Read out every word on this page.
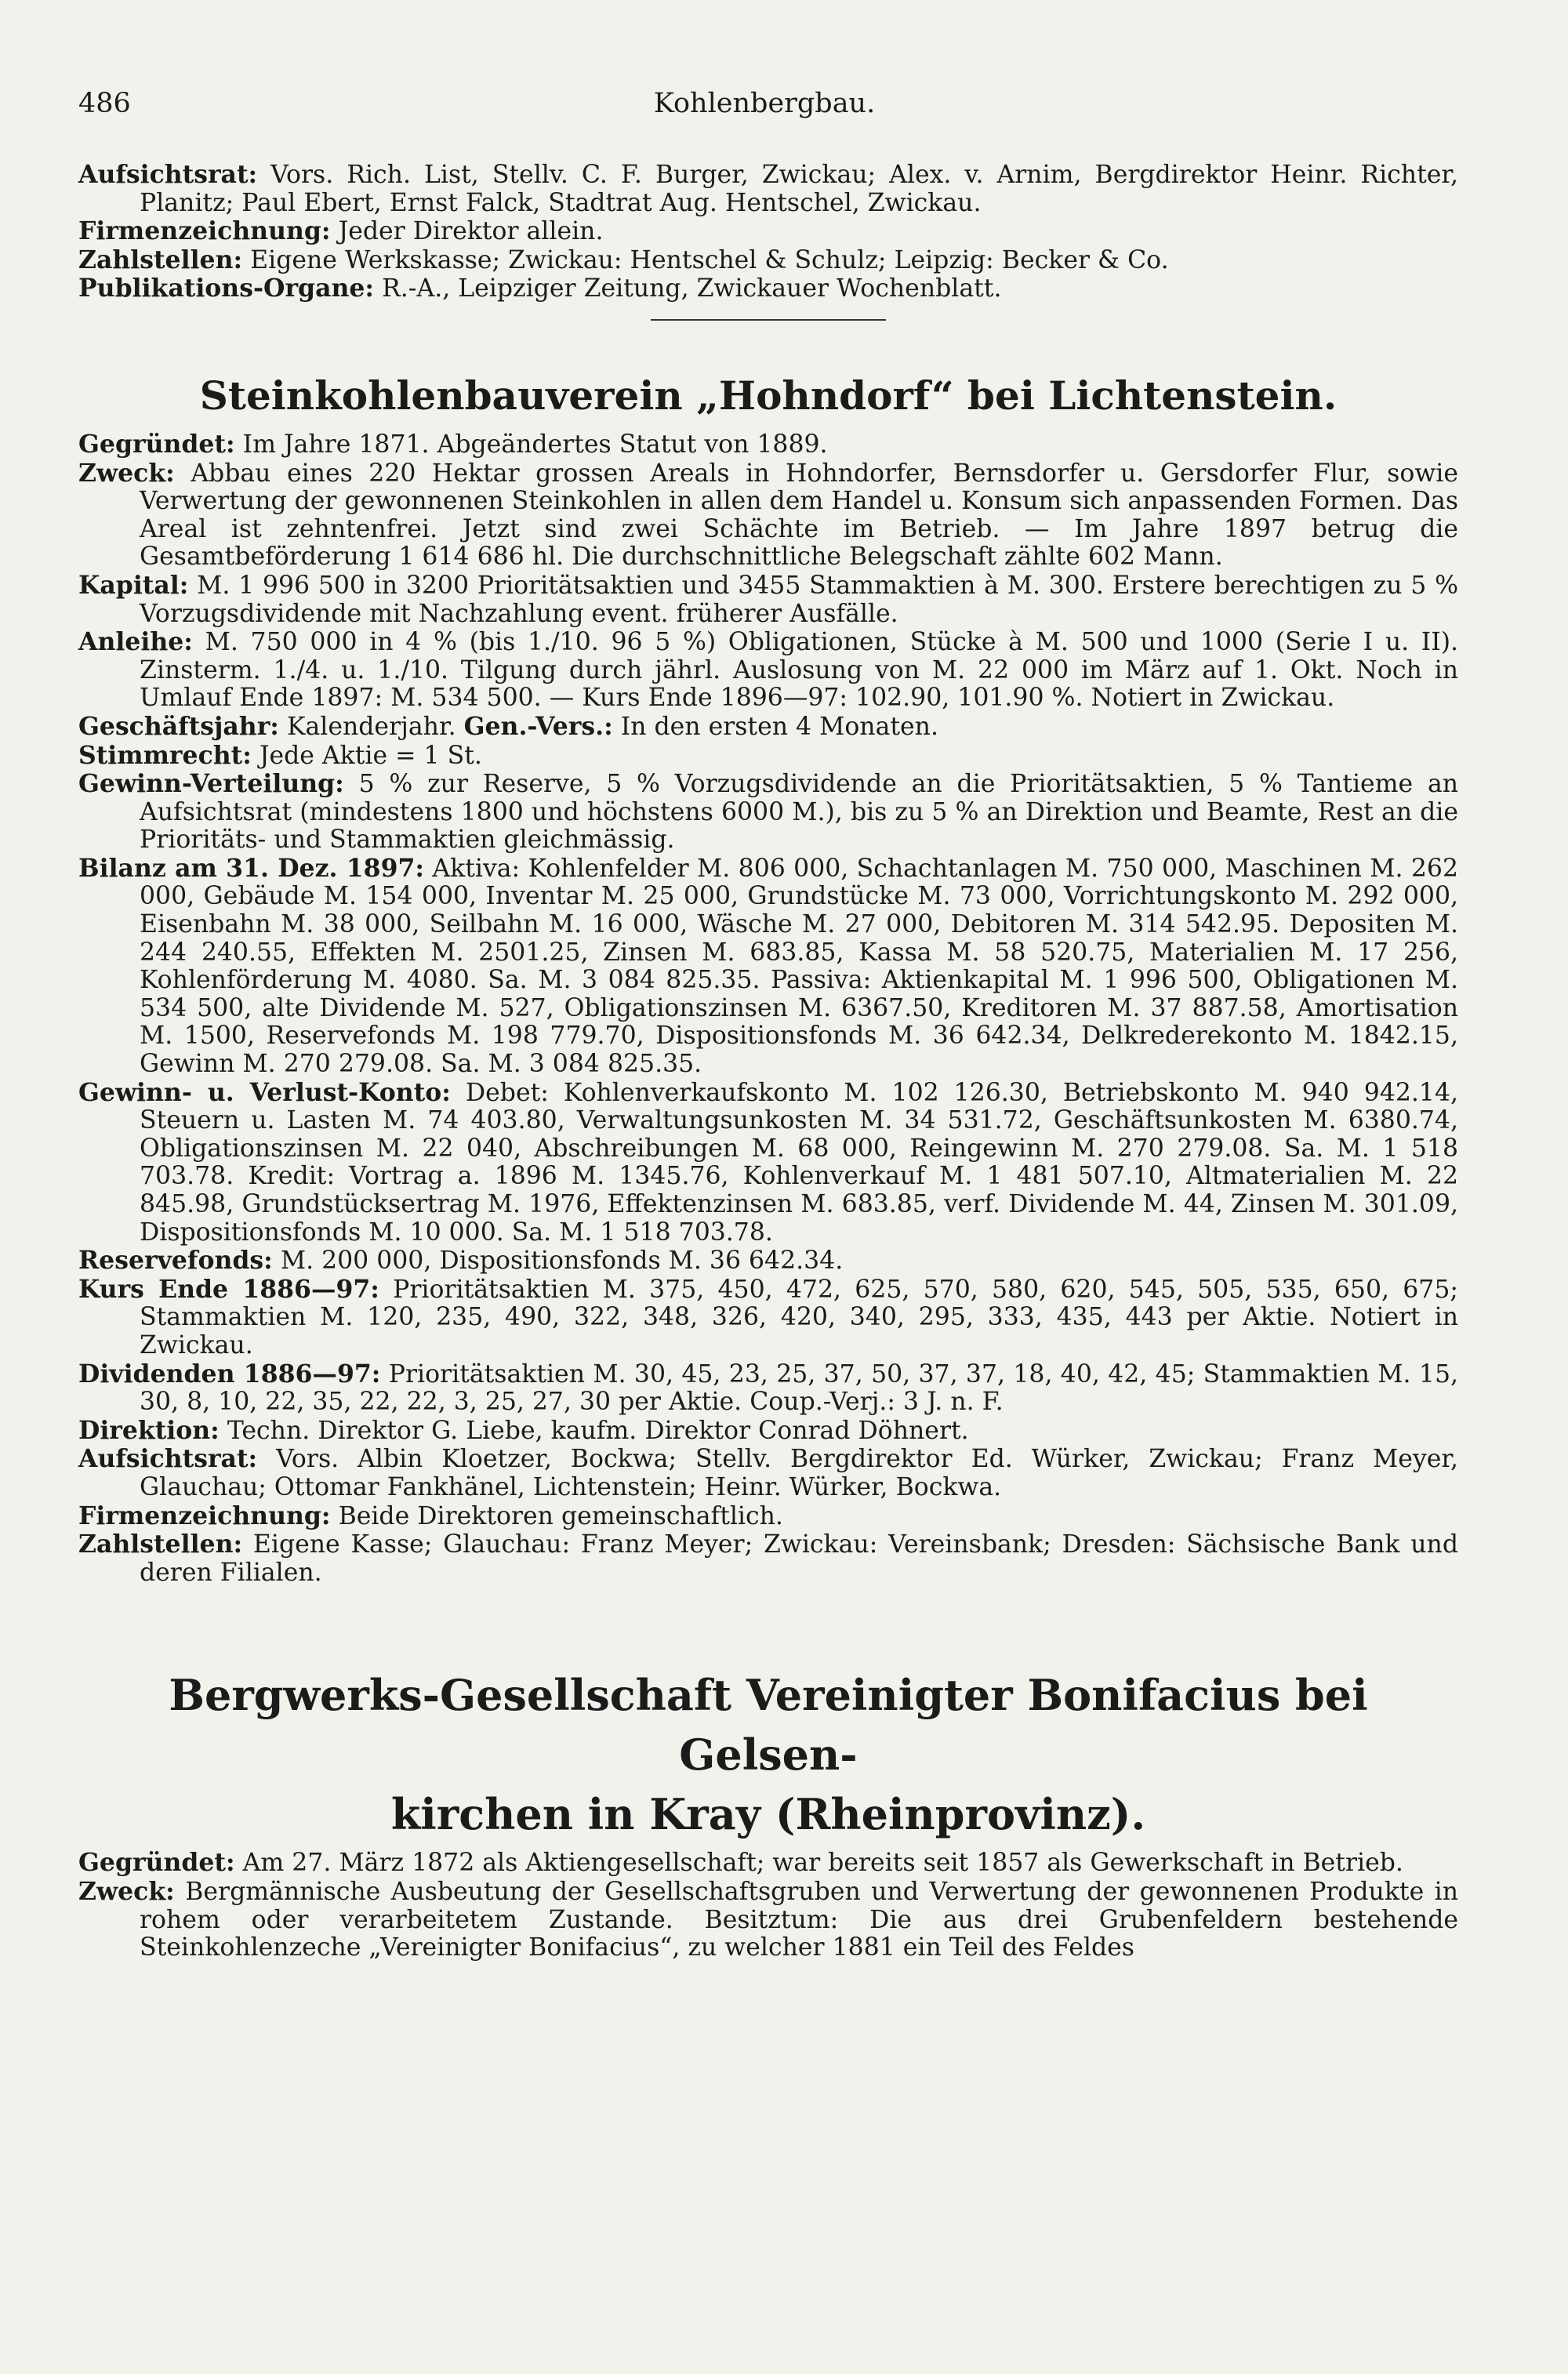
486	Kohlenbergbau.

Aufsichtsrat: Vors. Rich. List, Stellv. C. F. Burger, Zwickau; Alex. v. Arnim, Bergdirektor Heinr. Richter, Planitz; Paul Ebert, Ernst Falck, Stadtrat Aug. Hentschel, Zwickau.

Firmenzeichnung: Jeder Direktor allein.

Zahlstellen: Eigene Werkskasse; Zwickau: Hentschel & Schulz; Leipzig: Becker & Co.

Publikations-Organe: R.-A., Leipziger Zeitung, Zwickauer Wochenblatt.

Steinkohlenbauverein „Hohndorf“ bei Lichtenstein.

Gegründet: Im Jahre 1871. Abgeändertes Statut von 1889.

Zweck: Abbau eines 220 Hektar grossen Areals in Hohndorfer, Bernsdorfer u. Gersdorfer Flur, sowie Verwertung der gewonnenen Steinkohlen in allen dem Handel u. Konsum sich anpassenden Formen. Das Areal ist zehntenfrei. Jetzt sind zwei Schächte im Betrieb. — Im Jahre 1897 betrug die Gesamtbeförderung 1 614 686 hl. Die durchschnittliche Belegschaft zählte 602 Mann.

Kapital: M. 1 996 500 in 3200 Prioritätsaktien und 3455 Stammaktien à M. 300. Erstere berechtigen zu 5 % Vorzugsdividende mit Nachzahlung event. früherer Ausfälle.

Anleihe: M. 750 000 in 4 % (bis 1./10. 96 5 %) Obligationen, Stücke à M. 500 und 1000 (Serie I u. II). Zinsterm. 1./4. u. 1./10. Tilgung durch jährl. Auslosung von M. 22 000 im März auf 1. Okt. Noch in Umlauf Ende 1897: M. 534 500. — Kurs Ende 1896—97: 102.90, 101.90 %. Notiert in Zwickau.

Geschäftsjahr: Kalenderjahr. Gen.-Vers.: In den ersten 4 Monaten.

Stimmrecht: Jede Aktie = 1 St.

Gewinn-Verteilung: 5 % zur Reserve, 5 % Vorzugsdividende an die Prioritätsaktien, 5 % Tantieme an Aufsichtsrat (mindestens 1800 und höchstens 6000 M.), bis zu 5 % an Direktion und Beamte, Rest an die Prioritäts- und Stammaktien gleichmässig.

Bilanz am 31. Dez. 1897: Aktiva: Kohlenfelder M. 806 000, Schachtanlagen M. 750 000, Maschinen M. 262 000, Gebäude M. 154 000, Inventar M. 25 000, Grundstücke M. 73 000, Vorrichtungskonto M. 292 000, Eisenbahn M. 38 000, Seilbahn M. 16 000, Wäsche M. 27 000, Debitoren M. 314 542.95. Depositen M. 244 240.55, Effekten M. 2501.25, Zinsen M. 683.85, Kassa M. 58 520.75, Materialien M. 17 256, Kohlenförderung M. 4080. Sa. M. 3 084 825.35. Passiva: Aktienkapital M. 1 996 500, Obligationen M. 534 500, alte Dividende M. 527, Obligationszinsen M. 6367.50, Kreditoren M. 37 887.58, Amortisation M. 1500, Reservefonds M. 198 779.70, Dispositionsfonds M. 36 642.34, Delkrederekonto M. 1842.15, Gewinn M. 270 279.08. Sa. M. 3 084 825.35.

Gewinn- u. Verlust-Konto: Debet: Kohlenverkaufskonto M. 102 126.30, Betriebskonto M. 940 942.14, Steuern u. Lasten M. 74 403.80, Verwaltungsunkosten M. 34 531.72, Geschäftsunkosten M. 6380.74, Obligationszinsen M. 22 040, Abschreibungen M. 68 000, Reingewinn M. 270 279.08. Sa. M. 1 518 703.78. Kredit: Vortrag a. 1896 M. 1345.76, Kohlenverkauf M. 1 481 507.10, Altmaterialien M. 22 845.98, Grundstücksertrag M. 1976, Effektenzinsen M. 683.85, verf. Dividende M. 44, Zinsen M. 301.09, Dispositionsfonds M. 10 000. Sa. M. 1 518 703.78.

Reservefonds: M. 200 000, Dispositionsfonds M. 36 642.34.

Kurs Ende 1886—97: Prioritätsaktien M. 375, 450, 472, 625, 570, 580, 620, 545, 505, 535, 650, 675; Stammaktien M. 120, 235, 490, 322, 348, 326, 420, 340, 295, 333, 435, 443 per Aktie. Notiert in Zwickau.

Dividenden 1886—97: Prioritätsaktien M. 30, 45, 23, 25, 37, 50, 37, 37, 18, 40, 42, 45; Stammaktien M. 15, 30, 8, 10, 22, 35, 22, 22, 3, 25, 27, 30 per Aktie. Coup.-Verj.: 3 J. n. F.

Direktion: Techn. Direktor G. Liebe, kaufm. Direktor Conrad Döhnert.

Aufsichtsrat: Vors. Albin Kloetzer, Bockwa; Stellv. Bergdirektor Ed. Würker, Zwickau; Franz Meyer, Glauchau; Ottomar Fankhänel, Lichtenstein; Heinr. Würker, Bockwa.

Firmenzeichnung: Beide Direktoren gemeinschaftlich.

Zahlstellen: Eigene Kasse; Glauchau: Franz Meyer; Zwickau: Vereinsbank; Dresden: Sächsische Bank und deren Filialen.

Bergwerks-Gesellschaft Vereinigter Bonifacius bei Gelsen-
kirchen in Kray (Rheinprovinz).

Gegründet: Am 27. März 1872 als Aktiengesellschaft; war bereits seit 1857 als Gewerkschaft in Betrieb.

Zweck: Bergmännische Ausbeutung der Gesellschaftsgruben und Verwertung der gewonnenen Produkte in rohem oder verarbeitetem Zustande. Besitztum: Die aus drei Grubenfeldern bestehende Steinkohlenzeche „Vereinigter Bonifacius“, zu welcher 1881 ein Teil des Feldes
